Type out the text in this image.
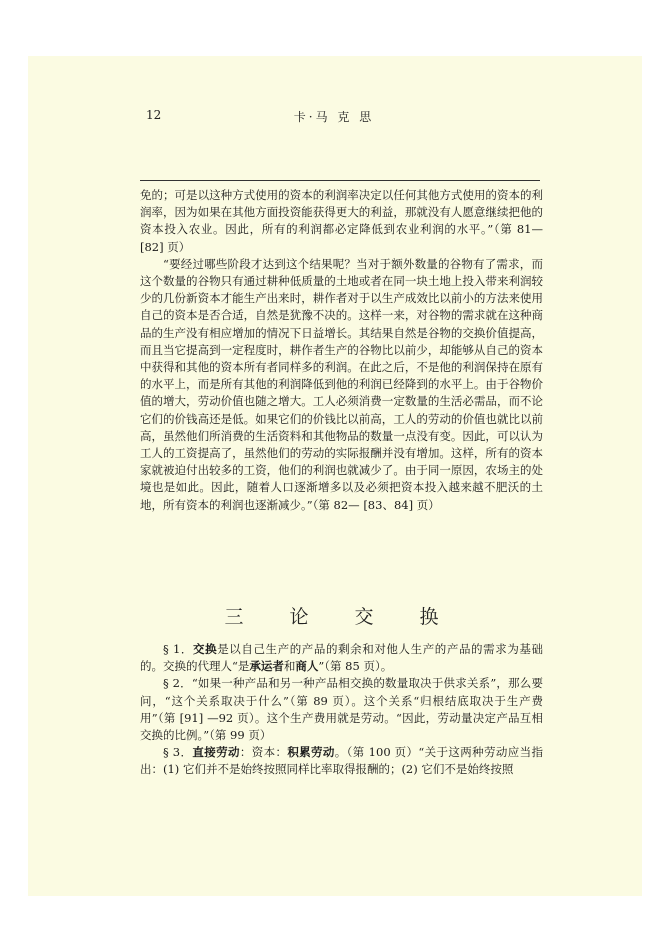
12	卡·马 克 思

免的；可是以这种方式使用的资本的利润率决定以任何其他方式使用的资本的利润率，因为如果在其他方面投资能获得更大的利益，那就没有人愿意继续把他的资本投入农业。因此，所有的利润都必定降低到农业利润的水平。”（第 81— [82] 页）

“要经过哪些阶段才达到这个结果呢？当对于额外数量的谷物有了需求，而这个数量的谷物只有通过耕种低质量的土地或者在同一块土地上投入带来利润较少的几份新资本才能生产出来时，耕作者对于以生产成效比以前小的方法来使用自己的资本是否合适，自然是犹豫不决的。这样一来，对谷物的需求就在这种商品的生产没有相应增加的情况下日益增长。其结果自然是谷物的交换价值提高，而且当它提高到一定程度时，耕作者生产的谷物比以前少，却能够从自己的资本中获得和其他的资本所有者同样多的利润。在此之后，不是他的利润保持在原有的水平上，而是所有其他的利润降低到他的利润已经降到的水平上。由于谷物价值的增大，劳动价值也随之增大。工人必须消费一定数量的生活必需品，而不论它们的价钱高还是低。如果它们的价钱比以前高，工人的劳动的价值也就比以前高，虽然他们所消费的生活资料和其他物品的数量一点没有变。因此，可以认为工人的工资提高了，虽然他们的劳动的实际报酬并没有增加。这样，所有的资本家就被迫付出较多的工资，他们的利润也就减少了。由于同一原因，农场主的处境也是如此。因此，随着人口逐渐增多以及必须把资本投入越来越不肥沃的土地，所有资本的利润也逐渐减少。”（第 82— [83、84] 页）

三 论 交 换

§ 1．交换是以自己生产的产品的剩余和对他人生产的产品的需求为基础的。交换的代理人“是承运者和商人”（第 85 页）。

§ 2．“如果一种产品和另一种产品相交换的数量取决于供求关系”，那么要问，“这个关系取决于什么”（第 89 页）。这个关系“归根结底取决于生产费用”（第 [91] —92 页）。这个生产费用就是劳动。“因此，劳动量决定产品互相交换的比例。”（第 99 页）

§ 3．直接劳动：资本：积累劳动。（第 100 页）“关于这两种劳动应当指出：(1) 它们并不是始终按照同样比率取得报酬的；(2) 它们不是始终按照
